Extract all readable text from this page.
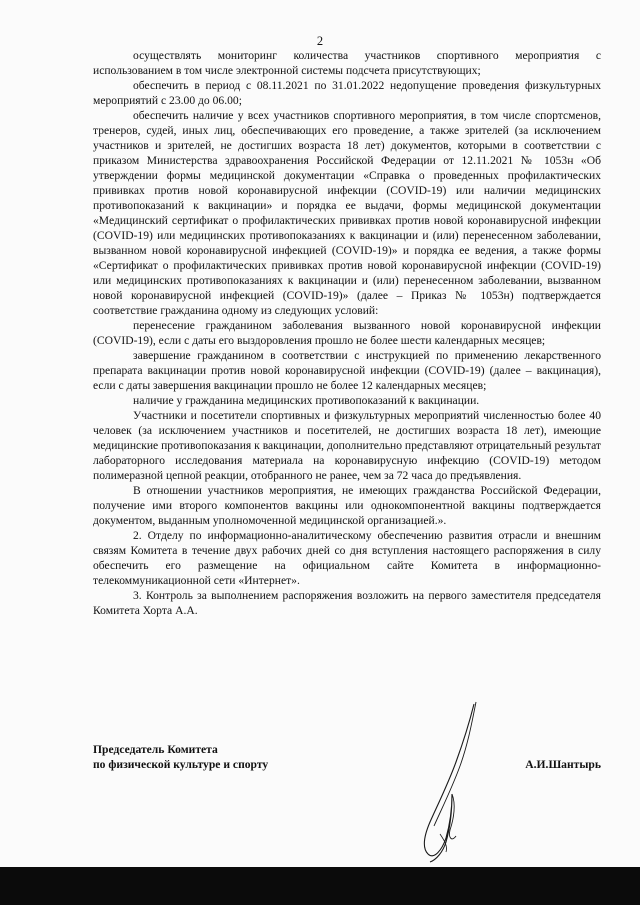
2

осуществлять мониторинг количества участников спортивного мероприятия с использованием в том числе электронной системы подсчета присутствующих;

обеспечить в период с 08.11.2021 по 31.01.2022 недопущение проведения физкультурных мероприятий с 23.00 до 06.00;

обеспечить наличие у всех участников спортивного мероприятия, в том числе спортсменов, тренеров, судей, иных лиц, обеспечивающих его проведение, а также зрителей (за исключением участников и зрителей, не достигших возраста 18 лет) документов, которыми в соответствии с приказом Министерства здравоохранения Российской Федерации от 12.11.2021 № 1053н «Об утверждении формы медицинской документации «Справка о проведенных профилактических прививках против новой коронавирусной инфекции (COVID-19) или наличии медицинских противопоказаний к вакцинации» и порядка ее выдачи, формы медицинской документации «Медицинский сертификат о профилактических прививках против новой коронавирусной инфекции (COVID-19) или медицинских противопоказаниях к вакцинации и (или) перенесенном заболевании, вызванном новой коронавирусной инфекцией (COVID-19)» и порядка ее ведения, а также формы «Сертификат о профилактических прививках против новой коронавирусной инфекции (COVID-19) или медицинских противопоказаниях к вакцинации и (или) перенесенном заболевании, вызванном новой коронавирусной инфекцией (COVID-19)» (далее – Приказ № 1053н) подтверждается соответствие гражданина одному из следующих условий:

перенесение гражданином заболевания вызванного новой коронавирусной инфекции (COVID-19), если с даты его выздоровления прошло не более шести календарных месяцев;

завершение гражданином в соответствии с инструкцией по применению лекарственного препарата вакцинации против новой коронавирусной инфекции (COVID-19) (далее – вакцинация), если с даты завершения вакцинации прошло не более 12 календарных месяцев;

наличие у гражданина медицинских противопоказаний к вакцинации.

Участники и посетители спортивных и физкультурных мероприятий численностью более 40 человек (за исключением участников и посетителей, не достигших возраста 18 лет), имеющие медицинские противопоказания к вакцинации, дополнительно представляют отрицательный результат лабораторного исследования материала на коронавирусную инфекцию (COVID-19) методом полимеразной цепной реакции, отобранного не ранее, чем за 72 часа до предъявления.

В отношении участников мероприятия, не имеющих гражданства Российской Федерации, получение ими второго компонентов вакцины или однокомпонентной вакцины подтверждается документом, выданным уполномоченной медицинской организацией.».

2. Отделу по информационно-аналитическому обеспечению развития отрасли и внешним связям Комитета в течение двух рабочих дней со дня вступления настоящего распоряжения в силу обеспечить его размещение на официальном сайте Комитета в информационно-телекоммуникационной сети «Интернет».

3. Контроль за выполнением распоряжения возложить на первого заместителя председателя Комитета Хорта А.А.

Председатель Комитета
по физической культуре и спорту	А.И.Шантырь
